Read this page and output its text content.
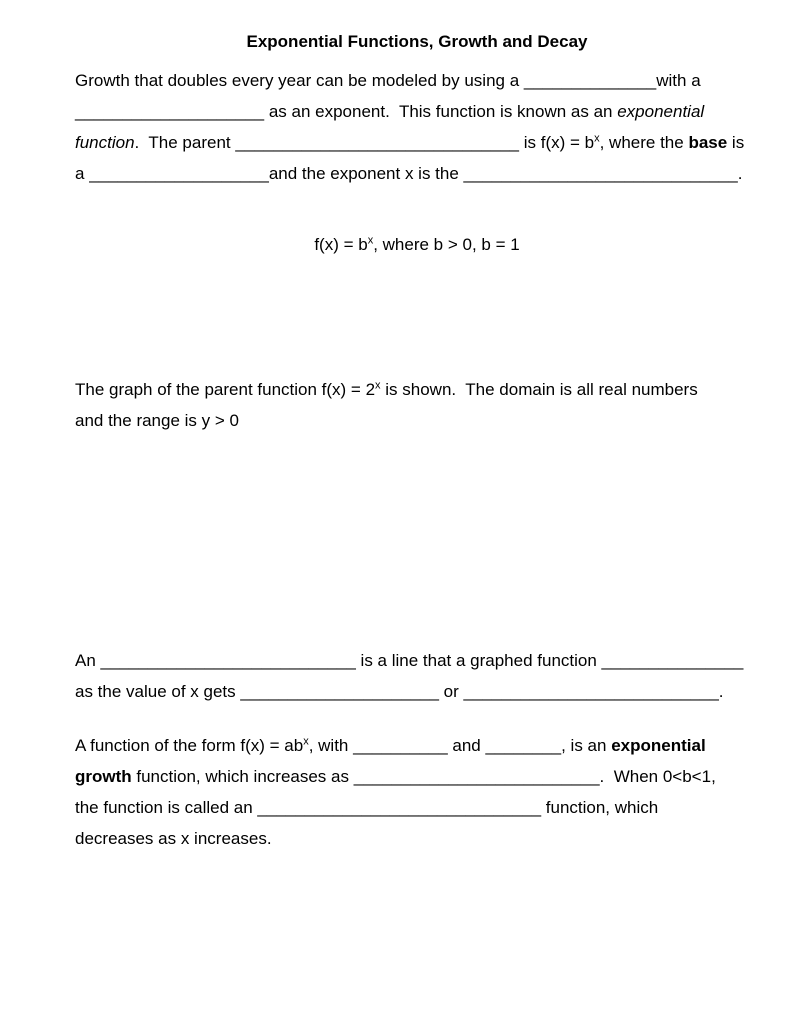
Exponential Functions, Growth and Decay
Growth that doubles every year can be modeled by using a ______________with a
____________________ as an exponent.  This function is known as an exponential
function.  The parent ______________________________ is $f(x) = b^x$, where the base is
a ___________________and the exponent x is the _____________________________.
$f(x) = b^x$, where b > 0, b = 1
The graph of the parent function $f(x) = 2^x$ is shown.  The domain is all real numbers
and the range is y > 0
An ___________________________ is a line that a graphed function _______________
as the value of x gets _____________________ or ___________________________.
A function of the form $f(x) = ab^x$, with __________ and ________, is an exponential
growth function, which increases as __________________________.  When 0<b<1,
the function is called an ______________________________ function, which
decreases as x increases.
